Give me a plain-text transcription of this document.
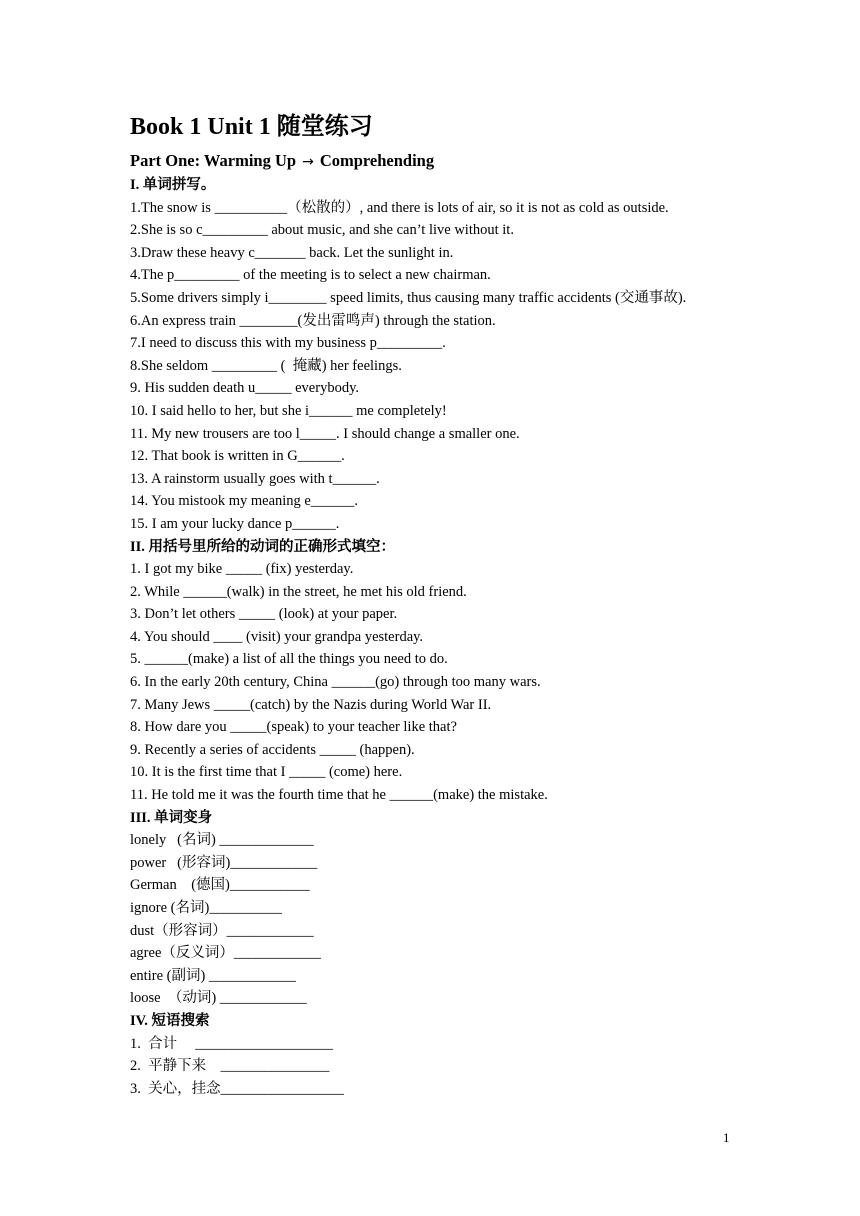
Book 1 Unit 1 随堂练习
Part One: Warming Up → Comprehending
I. 单词拼写。
1.The snow is __________（松散的）, and there is lots of air, so it is not as cold as outside.
2.She is so c_________ about music, and she can’t live without it.
3.Draw these heavy c_______ back. Let the sunlight in.
4.The p_________ of the meeting is to select a new chairman.
5.Some drivers simply i________ speed limits, thus causing many traffic accidents (交通事故).
6.An express train ________(发出雷鸣声) through the station.
7.I need to discuss this with my business p_________.
8.She seldom _________ (  掩藏) her feelings.
9. His sudden death u_____ everybody.
10. I said hello to her, but she i______ me completely!
11. My new trousers are too l_____. I should change a smaller one.
12. That book is written in G______.
13. A rainstorm usually goes with t______.
14. You mistook my meaning e______.
15. I am your lucky dance p______.
II. 用括号里所给的动词的正确形式填空：
1. I got my bike _____ (fix) yesterday.
2. While ______(walk) in the street, he met his old friend.
3. Don’t let others _____ (look) at your paper.
4. You should ____ (visit) your grandpa yesterday.
5. ______(make) a list of all the things you need to do.
6. In the early 20th century, China ______(go) through too many wars.
7. Many Jews _____(catch) by the Nazis during World War II.
8. How dare you _____(speak) to your teacher like that?
9. Recently a series of accidents _____ (happen).
10. It is the first time that I _____ (come) here.
11. He told me it was the fourth time that he ______(make) the mistake.
III. 单词变身
lonely   (名词) _____________
power   (形容词)____________
German    (德国)___________
ignore (名词)__________
dust（形容词）____________
agree（反义词）____________
entire (副词) ____________
loose  （动词) ____________
IV. 短语搜索
1.  合计     ___________________
2.  平静下来    _______________
3.  关心，挂念_________________
1
